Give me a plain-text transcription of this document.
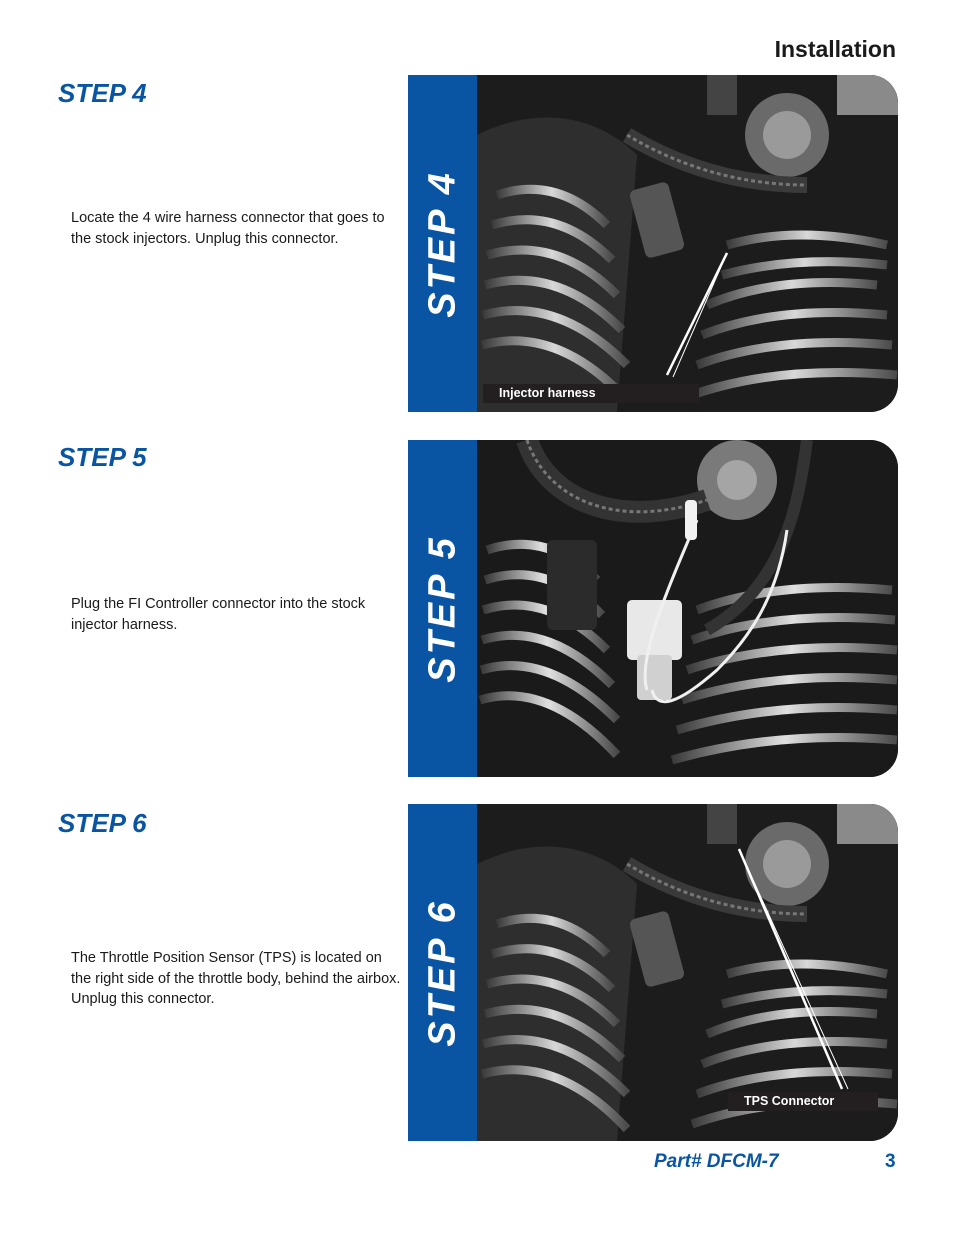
Installation
STEP 4
Locate the 4 wire harness connector that goes to the stock injectors. Unplug this connector.	STEP 4
Injector harness
STEP 5
Plug the FI Controller connector into the stock injector harness.	STEP 5
STEP 6
The Throttle Position Sensor (TPS) is located on the right side of the throttle body, behind the airbox. Unplug this connector.	STEP 6
TPS Connector
Part# DFCM-7	3
